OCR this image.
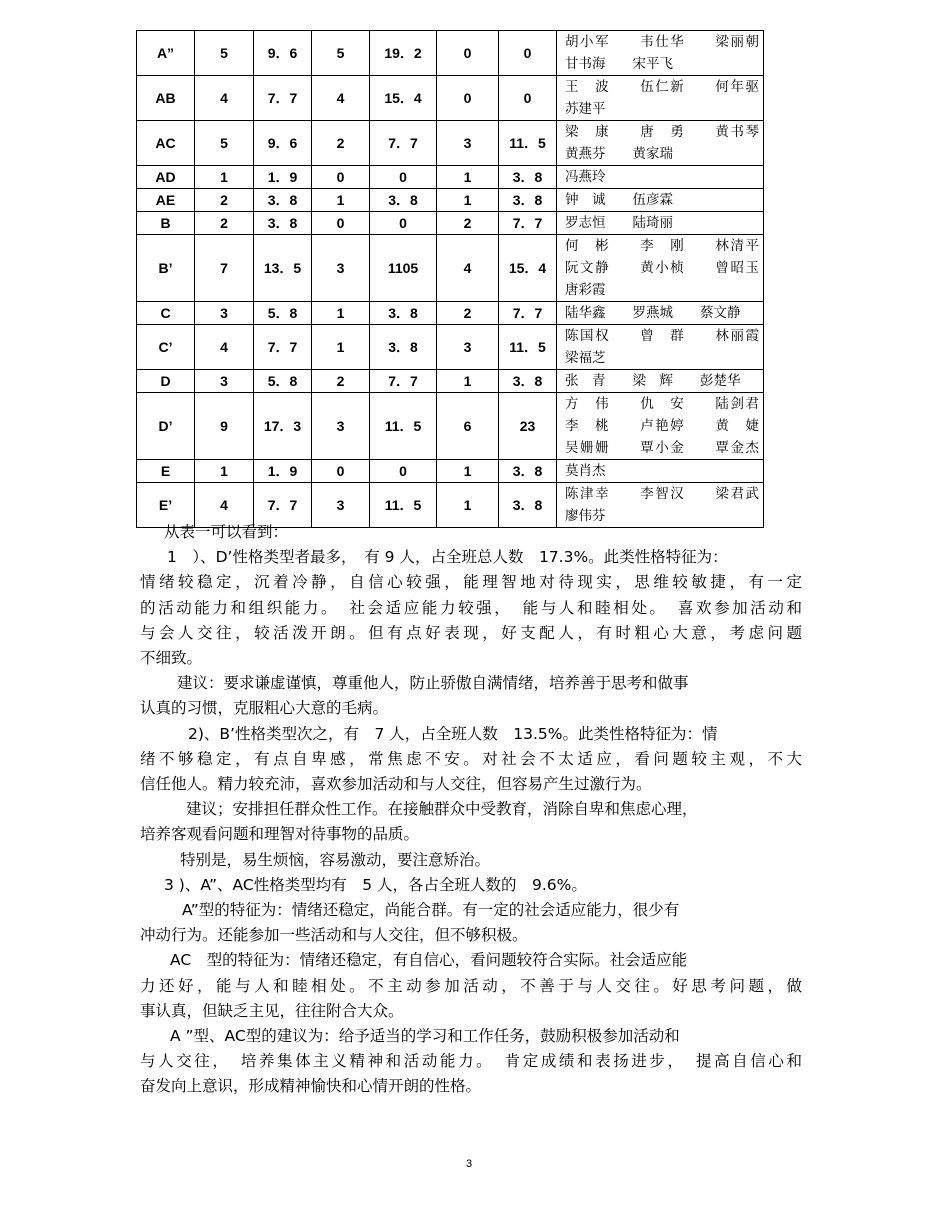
A”	5	9．6	5	19．2	0	0	胡小军　　韦仕华　　梁丽朝
甘书海　　宋平飞

AB	4	7．7	4	15．4	0	0	王　波　　伍仁新　　何年驱
苏建平

AC	5	9．6	2	7．7	3	11．5	梁　康　　唐　勇　　黄书琴
黄燕芬　　黄家瑞

AD	1	1．9	0	0	1	3．8	冯燕玲

AE	2	3．8	1	3．8	1	3．8	钟　诚　　伍彦霖

B	2	3．8	0	0	2	7．7	罗志恒　　陆琦丽

B’	7	13．5	3	1105	4	15．4	何　彬　　李　刚　　林清平
阮文静　　黄小桢　　曾昭玉
唐彩霞

C	3	5．8	1	3．8	2	7．7	陆华鑫　　罗燕城　　蔡文静

C’	4	7．7	1	3．8	3	11．5	陈国权　　曾　群　　林丽霞
梁福芝

D	3	5．8	2	7．7	1	3．8	张　青　　梁　辉　　彭楚华

D’	9	17．3	3	11．5	6	23	方　伟　　仇　安　　陆剑君
李　桃　　卢艳婷　　黄　婕
吴姗姗　　覃小金　　覃金杰

E	1	1．9	0	0	1	3．8	莫肖杰

E’	4	7．7	3	11．5	1	3．8	陈津幸　　李智汉　　梁君武
廖伟芬

从表一可以看到：

1　）、D’性格类型者最多，　有 9 人，占全班总人数　17.3%。此类性格特征为：

情绪较稳定，沉着冷静，自信心较强，能理智地对待现实，思维较敏捷，有一定

的活动能力和组织能力。　社会适应能力较强，　能与人和睦相处。　喜欢参加活动和

与会人交往，较活泼开朗。但有点好表现，好支配人，有时粗心大意，考虑问题

不细致。

建议：要求谦虚谨慎，尊重他人，防止骄傲自满情绪，培养善于思考和做事

认真的习惯，克服粗心大意的毛病。

2)、B’性格类型次之，有　7 人，占全班人数　13.5%。此类性格特征为：情

绪不够稳定，有点自卑感，常焦虑不安。对社会不太适应，看问题较主观，不大

信任他人。精力较充沛，喜欢参加活动和与人交往，但容易产生过激行为。

建议；安排担任群众性工作。在接触群众中受教育，消除自卑和焦虑心理，

培养客观看问题和理智对待事物的品质。

特别是，易生烦恼，容易激动，要注意矫治。

3 )、A”、AC性格类型均有　5 人，各占全班人数的　9.6%。

A”型的特征为：情绪还稳定，尚能合群。有一定的社会适应能力，很少有

冲动行为。还能参加一些活动和与人交往，但不够积极。

AC　型的特征为：情绪还稳定，有自信心，看问题较符合实际。社会适应能

力还好，能与人和睦相处。不主动参加活动，不善于与人交往。好思考问题，做

事认真，但缺乏主见，往往附合大众。

A ”型、AC型的建议为：给予适当的学习和工作任务，鼓励积极参加活动和

与人交往，　培养集体主义精神和活动能力。　肯定成绩和表扬进步，　提高自信心和

奋发向上意识，形成精神愉快和心情开朗的性格。

3
